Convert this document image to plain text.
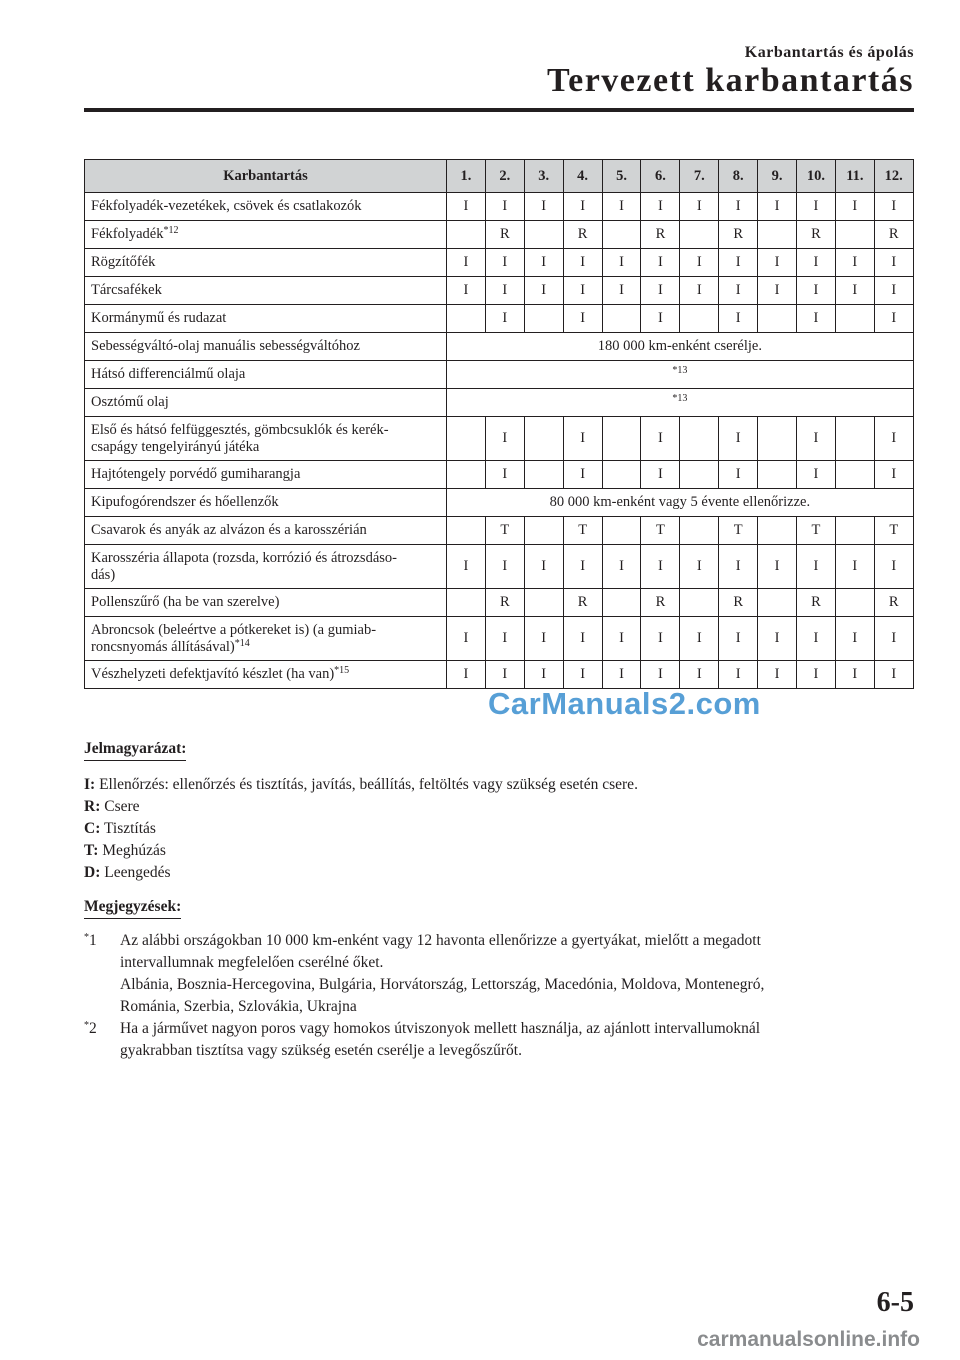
Karbantartás és ápolás
Tervezett karbantartás
Karbantartás	1.	2.	3.	4.	5.	6.	7.	8.	9.	10.	11.	12.
Fékfolyadék-vezetékek, csövek és csatlakozók	I	I	I	I	I	I	I	I	I	I	I	I
Fékfolyadék$^{*12}$		R		R		R		R		R		R
Rögzítőfék	I	I	I	I	I	I	I	I	I	I	I	I
Tárcsafékek	I	I	I	I	I	I	I	I	I	I	I	I
Kormánymű és rudazat		I		I		I		I		I		I
Sebességváltó-olaj manuális sebességváltóhoz	180 000 km-enként cserélje.											
Hátsó differenciálmű olaja	$^{*13}$
Osztómű olaj	$^{*13}$
Első és hátsó felfüggesztés, gömbcsuklók és kerék-
csapágy tengelyirányú játéka		I		I		I		I		I		I
Hajtótengely porvédő gumiharangja		I		I		I		I		I		I
Kipufogórendszer és hőellenzők	80 000 km-enként vagy 5 évente ellenőrizze.											
Csavarok és anyák az alvázon és a karosszérián		T		T		T		T		T		T
Karosszéria állapota (rozsda, korrózió és átrozsdáso-
dás)	I	I	I	I	I	I	I	I	I	I	I	I
Pollenszűrő (ha be van szerelve)		R		R		R		R		R		R
Abroncsok (beleértve a pótkereket is) (a gumiab-
roncsnyomás állításával)$^{*14}$	I	I	I	I	I	I	I	I	I	I	I	I
Vészhelyzeti defektjavító készlet (ha van)$^{*15}$	I	I	I	I	I	I	I	I	I	I	I	I
CarManuals2.com
Jelmagyarázat:
I: Ellenőrzés: ellenőrzés és tisztítás, javítás, beállítás, feltöltés vagy szükség esetén csere.
R: Csere
C: Tisztítás
T: Meghúzás
D: Leengedés
Megjegyzések:
*1 Az alábbi országokban 10 000 km-enként vagy 12 havonta ellenőrizze a gyertyákat, mielőtt a megadott
intervallumnak megfelelően cserélné őket.
Albánia, Bosznia-Hercegovina, Bulgária, Horvátország, Lettország, Macedónia, Moldova, Montenegró,
Románia, Szerbia, Szlovákia, Ukrajna
*2 Ha a járművet nagyon poros vagy homokos útviszonyok mellett használja, az ajánlott intervallumoknál
gyakrabban tisztítsa vagy szükség esetén cserélje a levegőszűrőt.
6-5
carmanualsonline.info
